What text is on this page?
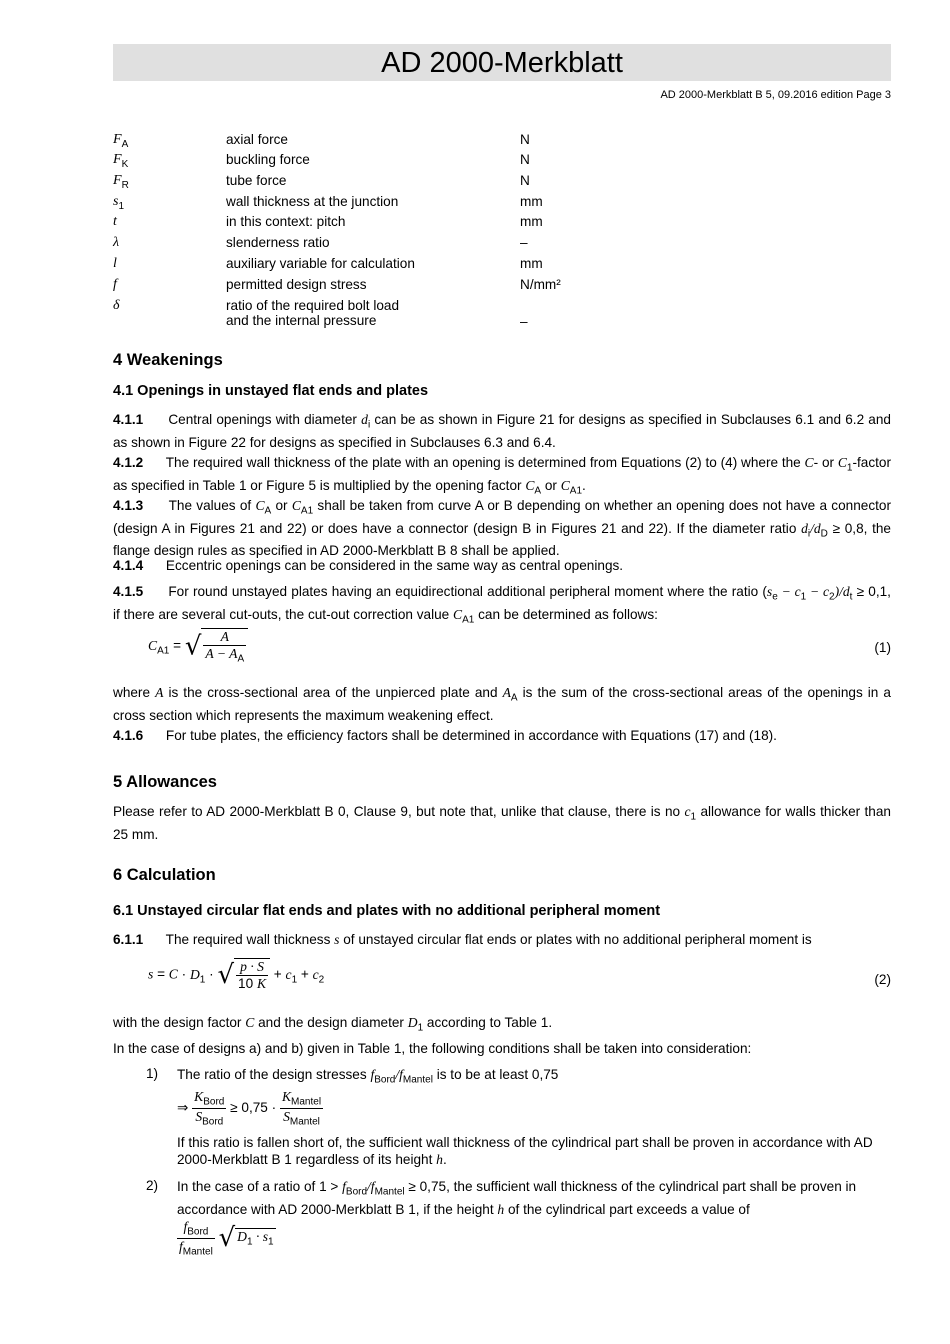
AD 2000-Merkblatt
AD 2000-Merkblatt B 5, 09.2016 edition Page 3
$F_A$	axial force	N
$F_K$	buckling force	N
$F_R$	tube force	N
$s_1$	wall thickness at the junction	mm
t	in this context: pitch	mm
λ	slenderness ratio	–
l	auxiliary variable for calculation	mm
f	permitted design stress	N/mm²
δ	ratio of the required bolt load
and the internal pressure	–
4 Weakenings
4.1 Openings in unstayed flat ends and plates
4.1.1 Central openings with diameter $d_i$ can be as shown in Figure 21 for designs as specified in Subclauses 6.1 and 6.2 and as shown in Figure 22 for designs as specified in Subclauses 6.3 and 6.4.
4.1.2 The required wall thickness of the plate with an opening is determined from Equations (2) to (4) where the C- or $C_1$-factor as specified in Table 1 or Figure 5 is multiplied by the opening factor $C_A$ or $C_{A1}$.
4.1.3 The values of $C_A$ or $C_{A1}$ shall be taken from curve A or B depending on whether an opening does not have a connector (design A in Figures 21 and 22) or does have a connector (design B in Figures 21 and 22). If the diameter ratio $d_i/d_D \ge 0,8$, the flange design rules as specified in AD 2000-Merkblatt B 8 shall be applied.
4.1.4 Eccentric openings can be considered in the same way as central openings.
4.1.5 For round unstayed plates having an equidirectional additional peripheral moment where the ratio $(s_e - c_1 - c_2)/d_t \ge 0,1$, if there are several cut-outs, the cut-out correction value $C_{A1}$ can be determined as follows:
$C_{A1}$ = √ $\frac{A}{A - A_A}$	(1)
where A is the cross-sectional area of the unpierced plate and $A_A$ is the sum of the cross-sectional areas of the openings in a cross section which represents the maximum weakening effect.
4.1.6 For tube plates, the efficiency factors shall be determined in accordance with Equations (17) and (18).
5 Allowances
Please refer to AD 2000-Merkblatt B 0, Clause 9, but note that, unlike that clause, there is no $c_1$ allowance for walls thicker than 25 mm.
6 Calculation
6.1 Unstayed circular flat ends and plates with no additional peripheral moment
6.1.1 The required wall thickness s of unstayed circular flat ends or plates with no additional peripheral moment is
$s = C \cdot D_1$ · √ $\frac{p \cdot S}{10 K} + c_1 + c_2$	(2)
with the design factor C and the design diameter $D_1$ according to Table 1.
In the case of designs a) and b) given in Table 1, the following conditions shall be taken into consideration:
1) The ratio of the design stresses $f_{Bord}/f_{Mantel}$ is to be at least 0,75
⇒ $\frac{K_{Bord}}{S_{Bord}} \ge 0,75 \cdot \frac{K_{Mantel}}{S_{Mantel}}$
If this ratio is fallen short of, the sufficient wall thickness of the cylindrical part shall be proven in accordance with AD 2000-Merkblatt B 1 regardless of its height h.
2) In the case of a ratio of $1 > f_{Bord}/f_{Mantel} \ge 0,75$, the sufficient wall thickness of the cylindrical part shall be proven in accordance with AD 2000-Merkblatt B 1, if the height h of the cylindrical part exceeds a value of
$\frac{f_{Bord}}{f_{Mantel}}$ √ $D_1 \cdot s_1$
